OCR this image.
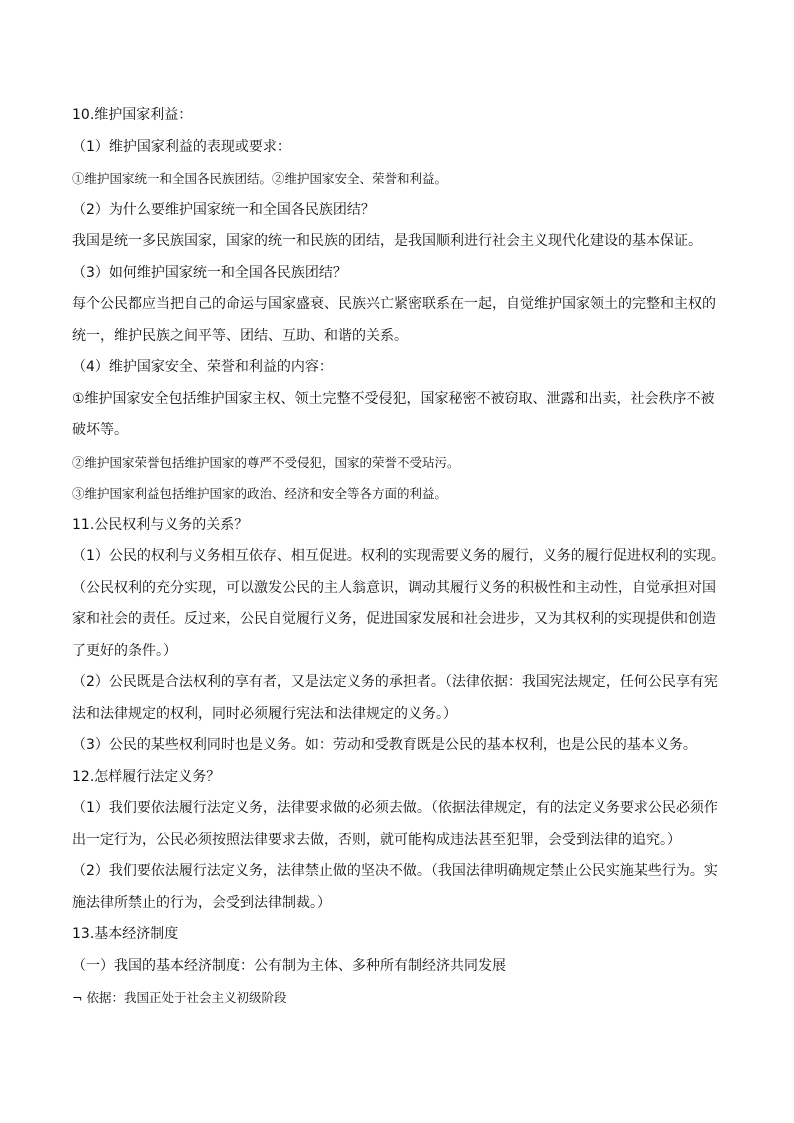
10.维护国家利益：

（1）维护国家利益的表现或要求：

①维护国家统一和全国各民族团结。②维护国家安全、荣誉和利益。

（2）为什么要维护国家统一和全国各民族团结？

我国是统一多民族国家，国家的统一和民族的团结，是我国顺利进行社会主义现代化建设的基本保证。

（3）如何维护国家统一和全国各民族团结？

每个公民都应当把自己的命运与国家盛衰、民族兴亡紧密联系在一起，自觉维护国家领土的完整和主权的统一，维护民族之间平等、团结、互助、和谐的关系。

（4）维护国家安全、荣誉和利益的内容：

①维护国家安全包括维护国家主权、领土完整不受侵犯，国家秘密不被窃取、泄露和出卖，社会秩序不被破坏等。

②维护国家荣誉包括维护国家的尊严不受侵犯，国家的荣誉不受玷污。

③维护国家利益包括维护国家的政治、经济和安全等各方面的利益。

11.公民权利与义务的关系？

（1）公民的权利与义务相互依存、相互促进。权利的实现需要义务的履行，义务的履行促进权利的实现。（公民权利的充分实现，可以激发公民的主人翁意识，调动其履行义务的积极性和主动性，自觉承担对国家和社会的责任。反过来，公民自觉履行义务，促进国家发展和社会进步，又为其权利的实现提供和创造了更好的条件。）

（2）公民既是合法权利的享有者，又是法定义务的承担者。（法律依据：我国宪法规定，任何公民享有宪法和法律规定的权利，同时必须履行宪法和法律规定的义务。）

（3）公民的某些权利同时也是义务。如：劳动和受教育既是公民的基本权利，也是公民的基本义务。

12.怎样履行法定义务？

（1）我们要依法履行法定义务，法律要求做的必须去做。（依据法律规定，有的法定义务要求公民必须作出一定行为，公民必须按照法律要求去做，否则，就可能构成违法甚至犯罪，会受到法律的追究。）

（2）我们要依法履行法定义务，法律禁止做的坚决不做。（我国法律明确规定禁止公民实施某些行为。实施法律所禁止的行为，会受到法律制裁。）

13.基本经济制度

（一）我国的基本经济制度：公有制为主体、多种所有制经济共同发展

¬ 依据：我国正处于社会主义初级阶段
